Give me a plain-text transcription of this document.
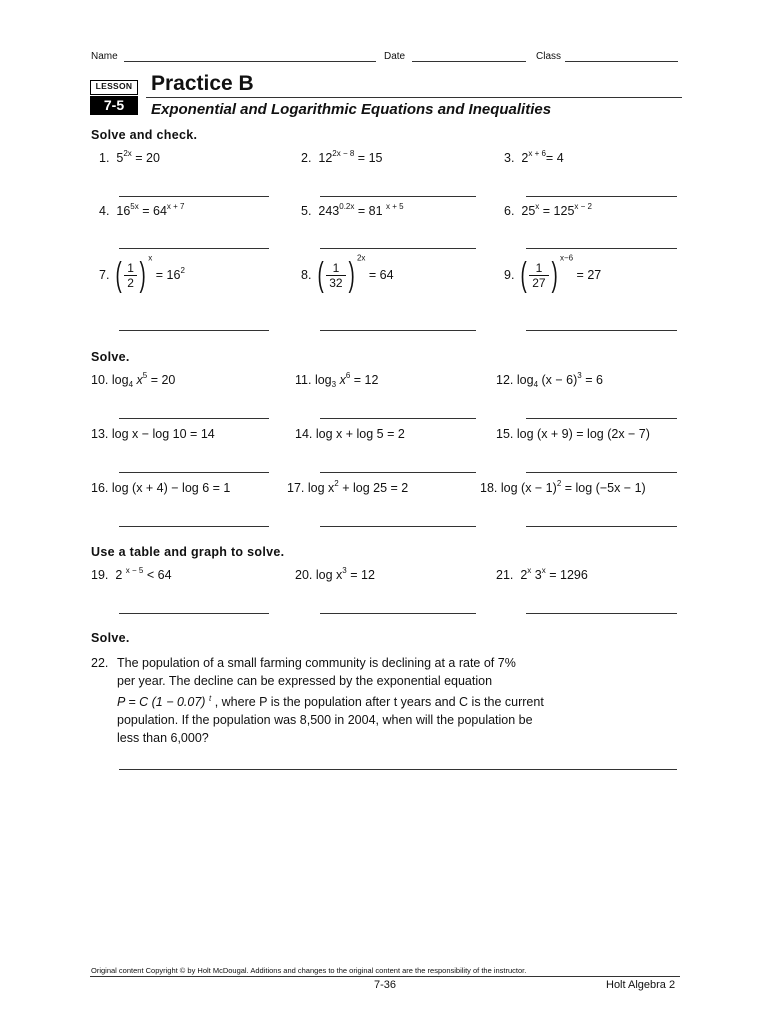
Name	Date	Class
LESSON
7-5
Practice B
Exponential and Logarithmic Equations and Inequalities
Solve and check.
1. $5^{2x} = 20$	2. $12^{2x - 8} = 15$	3. $2^{x + 6}= 4$
4. $16^{5x} = 64^{x + 7}$	5. $243^{0.2x} = 81$ $^{x + 5}$	6. $25^x = 125^{x - 2}$
7. ( $\frac{1}{2}$ ) $^x = 16^2$	8. ( $\frac{1}{32}$ ) $^{2x}$ = 64	9. ( $\frac{1}{27}$ ) $^{x-6}$ = 27
Solve.
10. $\log_4 x^5 = 20$	11. $\log_3 x^6 = 12$	12. $\log_4 (x - 6)^3 = 6$
13. log x − log 10 = 14	14. log x + log 5 = 2	15. log (x + 9) = log (2x − 7)
16. log (x + 4) − log 6 = 1	17. $\log x^2 + \log 25 = 2$	18. $\log (x - 1)^2 = \log (-5x - 1)$
Use a table and graph to solve.
19. 2 $^{x - 5}$ < 64	20. $\log x^3 = 12$	21. 2$^x$ $3^x = 1296$
Solve.
22. The population of a small farming community is declining at a rate of 7%
per year. The decline can be expressed by the exponential equation
P = C (1 − 0.07) $^t$ , where P is the population after t years and C is the current
population. If the population was 8,500 in 2004, when will the population be
less than 6,000?
Original content Copyright © by Holt McDougal. Additions and changes to the original content are the responsibility of the instructor.
7-36	Holt Algebra 2
